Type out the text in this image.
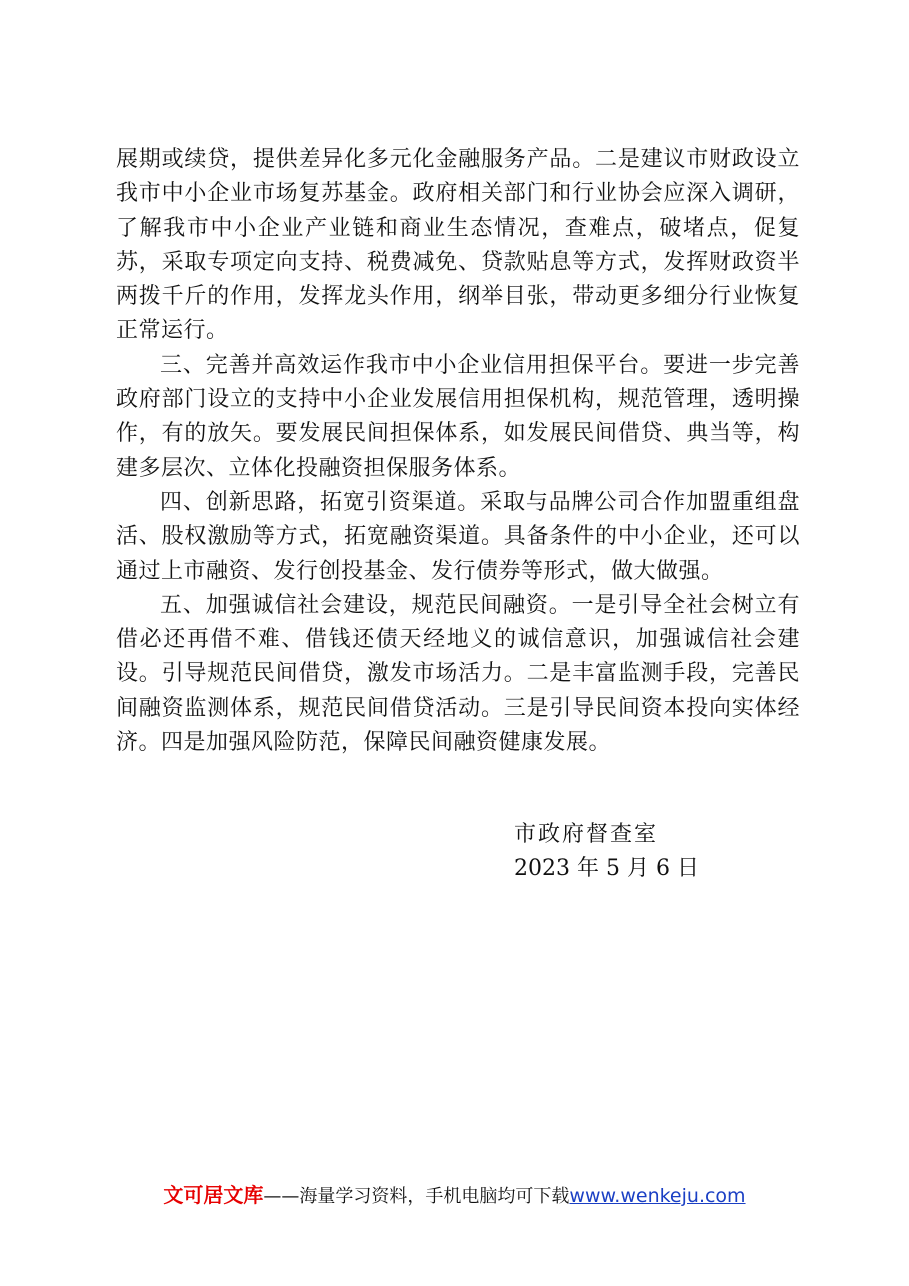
展期或续贷，提供差异化多元化金融服务产品。二是建议市财政设立我市中小企业市场复苏基金。政府相关部门和行业协会应深入调研，了解我市中小企业产业链和商业生态情况，查难点，破堵点，促复苏，采取专项定向支持、税费减免、贷款贴息等方式，发挥财政资半两拨千斤的作用，发挥龙头作用，纲举目张，带动更多细分行业恢复正常运行。

三、完善并高效运作我市中小企业信用担保平台。要进一步完善政府部门设立的支持中小企业发展信用担保机构，规范管理，透明操作，有的放矢。要发展民间担保体系，如发展民间借贷、典当等，构建多层次、立体化投融资担保服务体系。

四、创新思路，拓宽引资渠道。采取与品牌公司合作加盟重组盘活、股权激励等方式，拓宽融资渠道。具备条件的中小企业，还可以通过上市融资、发行创投基金、发行债券等形式，做大做强。

五、加强诚信社会建设，规范民间融资。一是引导全社会树立有借必还再借不难、借钱还债天经地义的诚信意识，加强诚信社会建设。引导规范民间借贷，激发市场活力。二是丰富监测手段，完善民间融资监测体系，规范民间借贷活动。三是引导民间资本投向实体经济。四是加强风险防范，保障民间融资健康发展。

市政府督查室
2023 年 5 月 6 日
文可居文库——海量学习资料，手机电脑均可下载www.wenkeju.com
